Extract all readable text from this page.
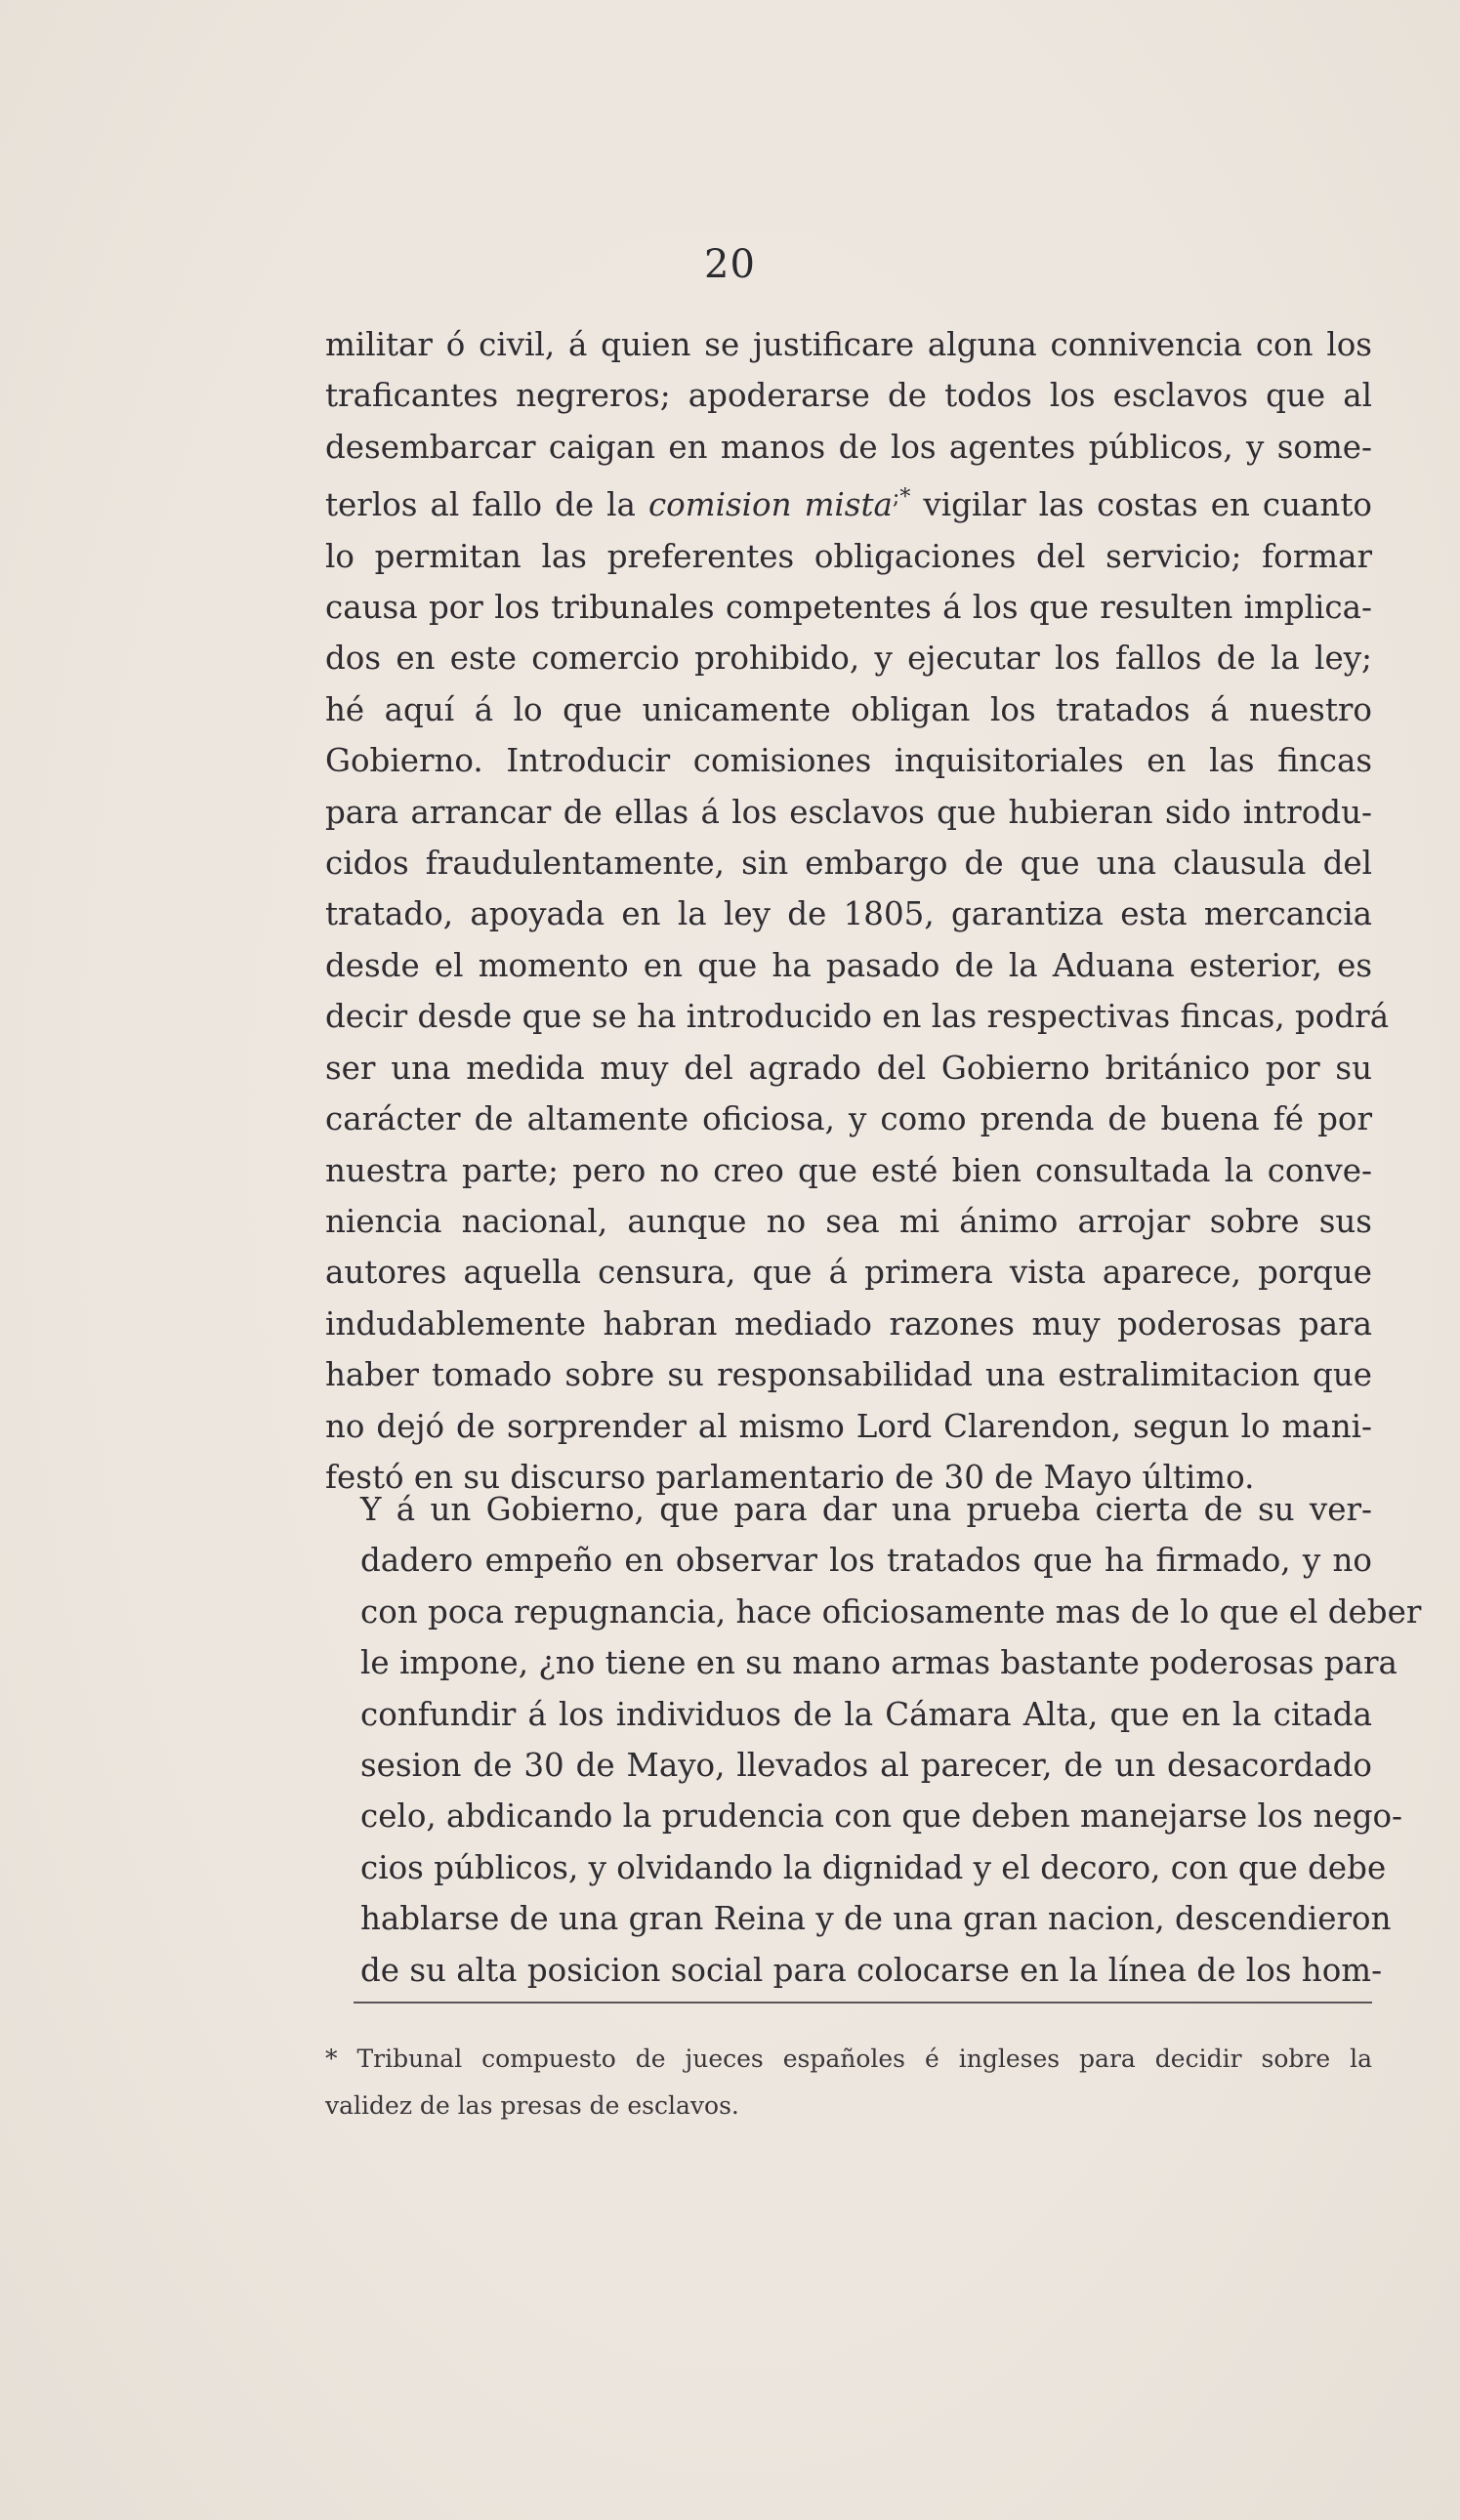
20
militar ó civil, á quien se justificare alguna connivencia con los
traficantes negreros; apoderarse de todos los esclavos que al
desembarcar caigan en manos de los agentes públicos, y some-
terlos al fallo de la comision mista;* vigilar las costas en cuanto
lo permitan las preferentes obligaciones del servicio; formar
causa por los tribunales competentes á los que resulten implica-
dos en este comercio prohibido, y ejecutar los fallos de la ley;
hé aquí á lo que unicamente obligan los tratados á nuestro
Gobierno. Introducir comisiones inquisitoriales en las fincas
para arrancar de ellas á los esclavos que hubieran sido introdu-
cidos fraudulentamente, sin embargo de que una clausula del
tratado, apoyada en la ley de 1805, garantiza esta mercancia
desde el momento en que ha pasado de la Aduana esterior, es
decir desde que se ha introducido en las respectivas fincas, podrá
ser una medida muy del agrado del Gobierno británico por su
carácter de altamente oficiosa, y como prenda de buena fé por
nuestra parte; pero no creo que esté bien consultada la conve-
niencia nacional, aunque no sea mi ánimo arrojar sobre sus
autores aquella censura, que á primera vista aparece, porque
indudablemente habran mediado razones muy poderosas para
haber tomado sobre su responsabilidad una estralimitacion que
no dejó de sorprender al mismo Lord Clarendon, segun lo mani-
festó en su discurso parlamentario de 30 de Mayo último.
Y á un Gobierno, que para dar una prueba cierta de su ver-
dadero empeño en observar los tratados que ha firmado, y no
con poca repugnancia, hace oficiosamente mas de lo que el deber
le impone, ¿no tiene en su mano armas bastante poderosas para
confundir á los individuos de la Cámara Alta, que en la citada
sesion de 30 de Mayo, llevados al parecer, de un desacordado
celo, abdicando la prudencia con que deben manejarse los nego-
cios públicos, y olvidando la dignidad y el decoro, con que debe
hablarse de una gran Reina y de una gran nacion, descendieron
de su alta posicion social para colocarse en la línea de los hom-
* Tribunal compuesto de jueces españoles é ingleses para decidir sobre la
validez de las presas de esclavos.
